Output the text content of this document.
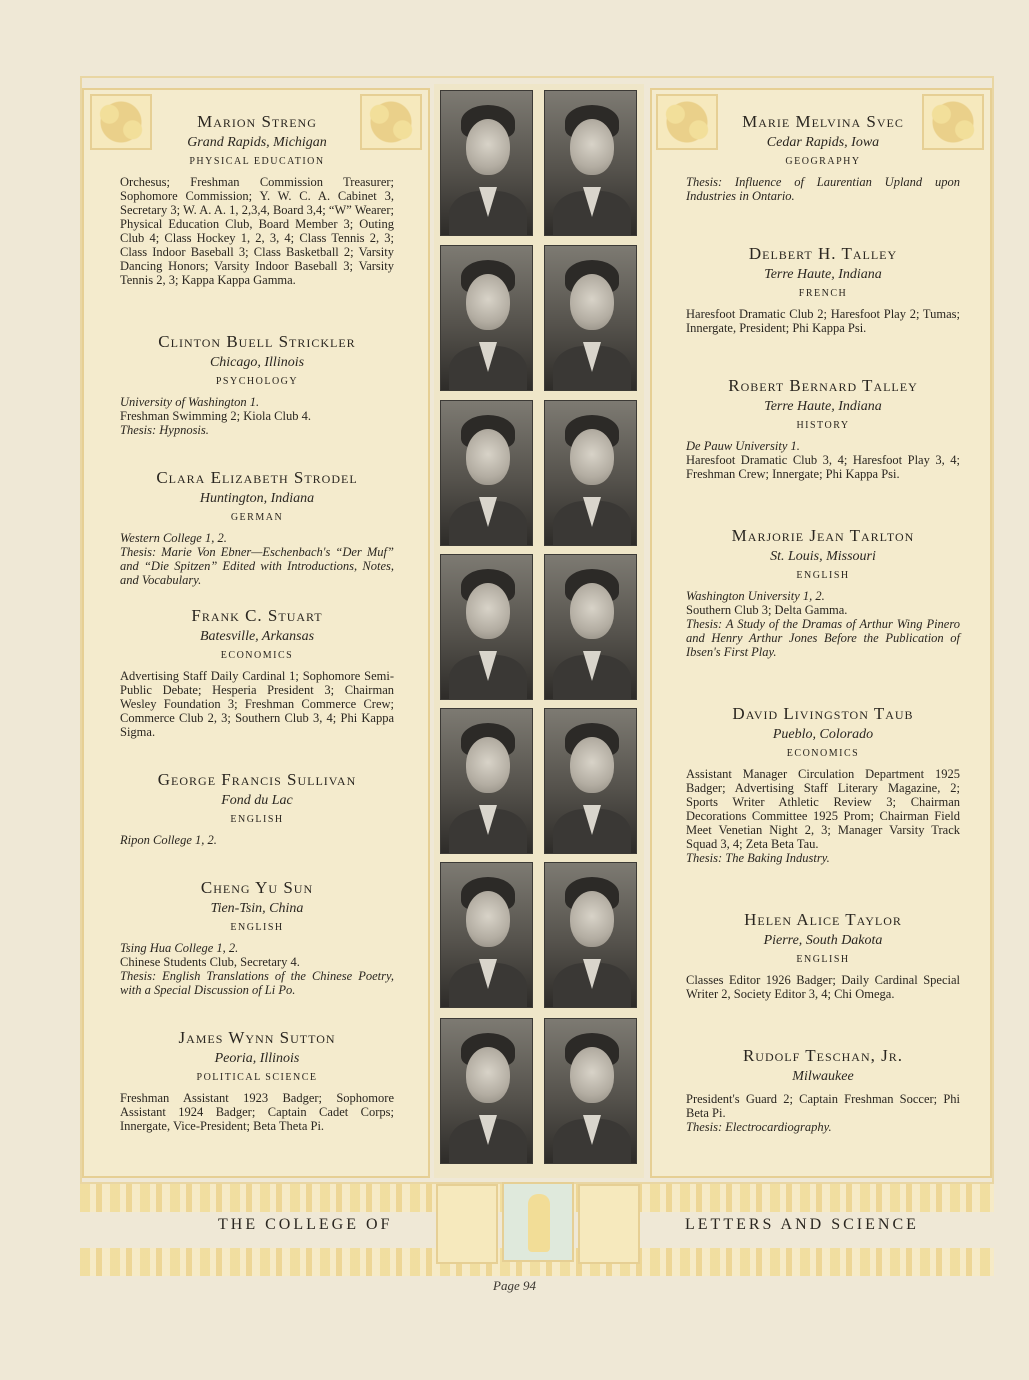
Marion Streng

Grand Rapids, Michigan

PHYSICAL EDUCATION

Orchesus; Freshman Commission Treasurer; Sophomore Commission; Y. W. C. A. Cabinet 3, Secretary 3; W. A. A. 1, 2,3,4, Board 3,4; “W” Wearer; Physical Education Club, Board Member 3; Outing Club 4; Class Hockey 1, 2, 3, 4; Class Tennis 2, 3; Class Indoor Baseball 3; Class Basketball 2; Varsity Dancing Honors; Varsity Indoor Baseball 3; Varsity Tennis 2, 3; Kappa Kappa Gamma.

Clinton Buell Strickler

Chicago, Illinois

PSYCHOLOGY

University of Washington 1.

Freshman Swimming 2; Kiola Club 4.

Thesis: Hypnosis.

Clara Elizabeth Strodel

Huntington, Indiana

GERMAN

Western College 1, 2.

Thesis: Marie Von Ebner—Eschenbach's “Der Muf” and “Die Spitzen” Edited with Introductions, Notes, and Vocabulary.

Frank C. Stuart

Batesville, Arkansas

ECONOMICS

Advertising Staff Daily Cardinal 1; Sophomore Semi-Public Debate; Hesperia President 3; Chairman Wesley Foundation 3; Freshman Commerce Crew; Commerce Club 2, 3; Southern Club 3, 4; Phi Kappa Sigma.

George Francis Sullivan

Fond du Lac

ENGLISH

Ripon College 1, 2.

Cheng Yu Sun

Tien-Tsin, China

ENGLISH

Tsing Hua College 1, 2.

Chinese Students Club, Secretary 4.

Thesis: English Translations of the Chinese Poetry, with a Special Discussion of Li Po.

James Wynn Sutton

Peoria, Illinois

POLITICAL SCIENCE

Freshman Assistant 1923 Badger; Sophomore Assistant 1924 Badger; Captain Cadet Corps; Innergate, Vice-President; Beta Theta Pi.

Marie Melvina Svec

Cedar Rapids, Iowa

GEOGRAPHY

Thesis: Influence of Laurentian Upland upon Industries in Ontario.

Delbert H. Talley

Terre Haute, Indiana

FRENCH

Haresfoot Dramatic Club 2; Haresfoot Play 2; Tumas; Innergate, President; Phi Kappa Psi.

Robert Bernard Talley

Terre Haute, Indiana

HISTORY

De Pauw University 1.

Haresfoot Dramatic Club 3, 4; Haresfoot Play 3, 4; Freshman Crew; Innergate; Phi Kappa Psi.

Marjorie Jean Tarlton

St. Louis, Missouri

ENGLISH

Washington University 1, 2.

Southern Club 3; Delta Gamma.

Thesis: A Study of the Dramas of Arthur Wing Pinero and Henry Arthur Jones Before the Publication of Ibsen's First Play.

David Livingston Taub

Pueblo, Colorado

ECONOMICS

Assistant Manager Circulation Department 1925 Badger; Advertising Staff Literary Magazine, 2; Sports Writer Athletic Review 3; Chairman Decorations Committee 1925 Prom; Chairman Field Meet Venetian Night 2, 3; Manager Varsity Track Squad 3, 4; Zeta Beta Tau.

Thesis: The Baking Industry.

Helen Alice Taylor

Pierre, South Dakota

ENGLISH

Classes Editor 1926 Badger; Daily Cardinal Special Writer 2, Society Editor 3, 4; Chi Omega.

Rudolf Teschan, Jr.

Milwaukee

President's Guard 2; Captain Freshman Soccer; Phi Beta Pi.

Thesis: Electrocardiography.

THE COLLEGE OF	LETTERS AND SCIENCE
Page 94
